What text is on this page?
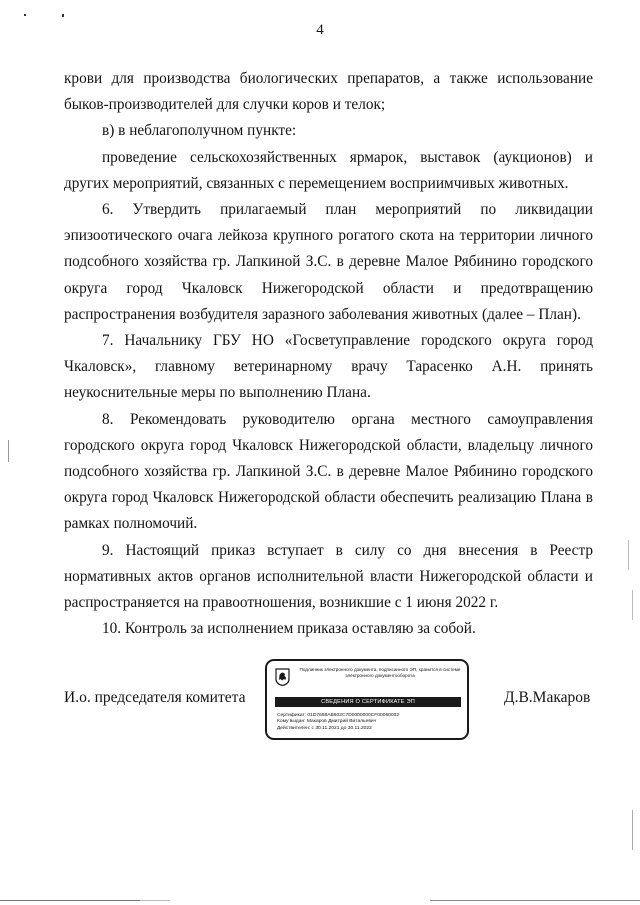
4

крови для производства биологических препаратов, а также использование быков-производителей для случки коров и телок;

в) в неблагополучном пункте:

проведение сельскохозяйственных ярмарок, выставок (аукционов) и других мероприятий, связанных с перемещением восприимчивых животных.

6. Утвердить прилагаемый план мероприятий по ликвидации эпизоотического очага лейкоза крупного рогатого скота на территории личного подсобного хозяйства гр. Лапкиной З.С. в деревне Малое Рябинино городского округа город Чкаловск Нижегородской области и предотвращению распространения возбудителя заразного заболевания животных (далее – План).

7. Начальнику ГБУ НО «Госветуправление городского округа город Чкаловск», главному ветеринарному врачу Тарасенко А.Н. принять неукоснительные меры по выполнению Плана.

8. Рекомендовать руководителю органа местного самоуправления городского округа город Чкаловск Нижегородской области, владельцу личного подсобного хозяйства гр. Лапкиной З.С. в деревне Малое Рябинино городского округа город Чкаловск Нижегородской области обеспечить реализацию Плана в рамках полномочий.

9. Настоящий приказ вступает в силу со дня внесения в Реестр нормативных актов органов исполнительной власти Нижегородской области и распространяется на правоотношения, возникшие с 1 июня 2022 г.

10. Контроль за исполнением приказа оставляю за собой.

И.о. председателя комитета
Подлинник электронного документа, подписанного ЭП, хранится в системе электронного документооборота
СВЕДЕНИЯ О СЕРТИФИКАТЕ ЭП
Сертификат: 01D7658AB602C7D0000000CF00060002
Кому выдан: Макаров Дмитрий Витальевич
Действителен: с 30.11.2021 до 30.11.2022
Д.В.Макаров
